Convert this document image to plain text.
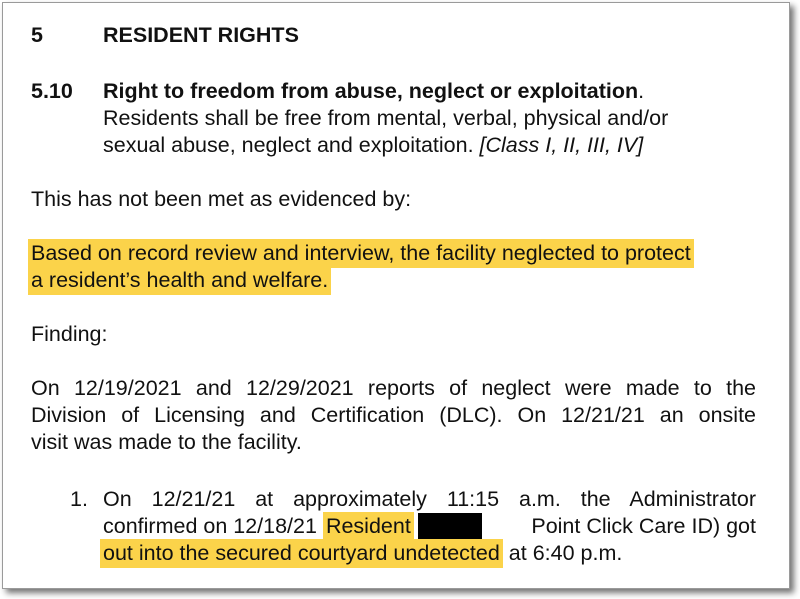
5	RESIDENT RIGHTS
5.10 Right to freedom from abuse, neglect or exploitation.
Residents shall be free from mental, verbal, physical and/or
sexual abuse, neglect and exploitation. [Class I, II, III, IV]
This has not been met as evidenced by:
Based on record review and interview, the facility neglected to protect
a resident’s health and welfare.
Finding:
On 12/19/2021 and 12/29/2021 reports of neglect were made to the
Division of Licensing and Certification (DLC). On 12/21/21 an onsite
visit was made to the facility.
1. On 12/21/21 at approximately 11:15 a.m. the Administrator
confirmed on 12/18/21 Resident	Point Click Care ID) got
out into the secured courtyard undetected at 6:40 p.m.
